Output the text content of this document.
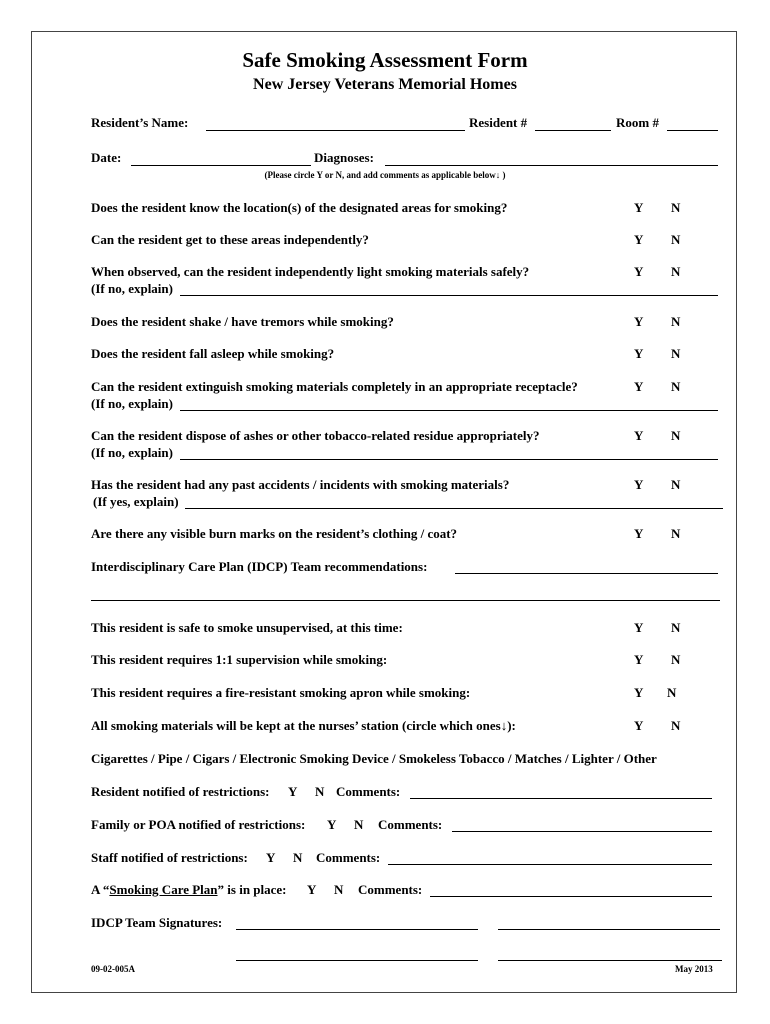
Safe Smoking Assessment Form
New Jersey Veterans Memorial Homes
Resident’s Name:	Resident #	Room #
Date:	Diagnoses:
(Please circle Y or N, and add comments as applicable below↓ )
Does the resident know the location(s) of the designated areas for smoking?	Y N
Can the resident get to these areas independently?	Y N
When observed, can the resident independently light smoking materials safely?	Y N
(If no, explain)
Does the resident shake / have tremors while smoking?	Y N
Does the resident fall asleep while smoking?	Y N
Can the resident extinguish smoking materials completely in an appropriate receptacle?	Y N
(If no, explain)
Can the resident dispose of ashes or other tobacco-related residue appropriately?	Y N
(If no, explain)
Has the resident had any past accidents / incidents with smoking materials?	Y N
(If yes, explain)
Are there any visible burn marks on the resident’s clothing / coat?	Y N
Interdisciplinary Care Plan (IDCP) Team recommendations:
This resident is safe to smoke unsupervised, at this time:	Y N
This resident requires 1:1 supervision while smoking:	Y N
This resident requires a fire-resistant smoking apron while smoking:	Y N
All smoking materials will be kept at the nurses’ station (circle which ones↓):	Y N
Cigarettes / Pipe / Cigars / Electronic Smoking Device / Smokeless Tobacco / Matches / Lighter / Other
Resident notified of restrictions: Y N Comments:
Family or POA notified of restrictions: Y N Comments:
Staff notified of restrictions: Y N Comments:
A “Smoking Care Plan” is in place: Y N Comments:
IDCP Team Signatures:
09-02-005A	May 2013
